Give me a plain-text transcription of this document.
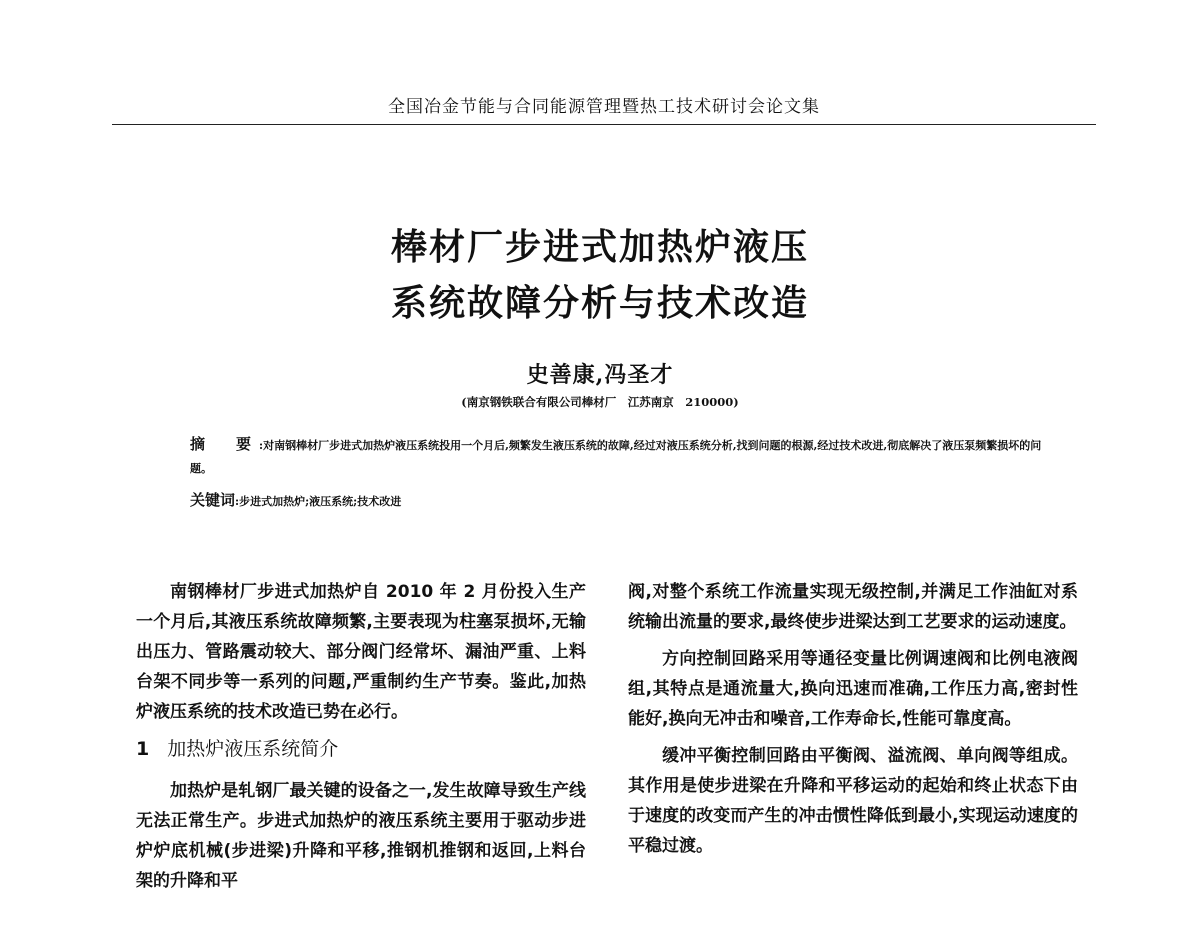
全国冶金节能与合同能源管理暨热工技术研讨会论文集
棒材厂步进式加热炉液压
系统故障分析与技术改造
史善康,冯圣才
(南京钢铁联合有限公司棒材厂　江苏南京　210000)
摘　要:对南钢棒材厂步进式加热炉液压系统投用一个月后,频繁发生液压系统的故障,经过对液压系统分析,找到问题的根源,经过技术改进,彻底解决了液压泵频繁损坏的问题。
关键词:步进式加热炉;液压系统;技术改进

南钢棒材厂步进式加热炉自 2010 年 2 月份投入生产一个月后,其液压系统故障频繁,主要表现为柱塞泵损坏,无输出压力、管路震动较大、部分阀门经常坏、漏油严重、上料台架不同步等一系列的问题,严重制约生产节奏。鉴此,加热炉液压系统的技术改造已势在必行。

1 加热炉液压系统简介

加热炉是轧钢厂最关键的设备之一,发生故障导致生产线无法正常生产。步进式加热炉的液压系统主要用于驱动步进炉炉底机械(步进梁)升降和平移,推钢机推钢和返回,上料台架的升降和平

阀,对整个系统工作流量实现无级控制,并满足工作油缸对系统输出流量的要求,最终使步进梁达到工艺要求的运动速度。

方向控制回路采用等通径变量比例调速阀和比例电液阀组,其特点是通流量大,换向迅速而准确,工作压力高,密封性能好,换向无冲击和噪音,工作寿命长,性能可靠度高。

缓冲平衡控制回路由平衡阀、溢流阀、单向阀等组成。其作用是使步进梁在升降和平移运动的起始和终止状态下由于速度的改变而产生的冲击惯性降低到最小,实现运动速度的平稳过渡。
